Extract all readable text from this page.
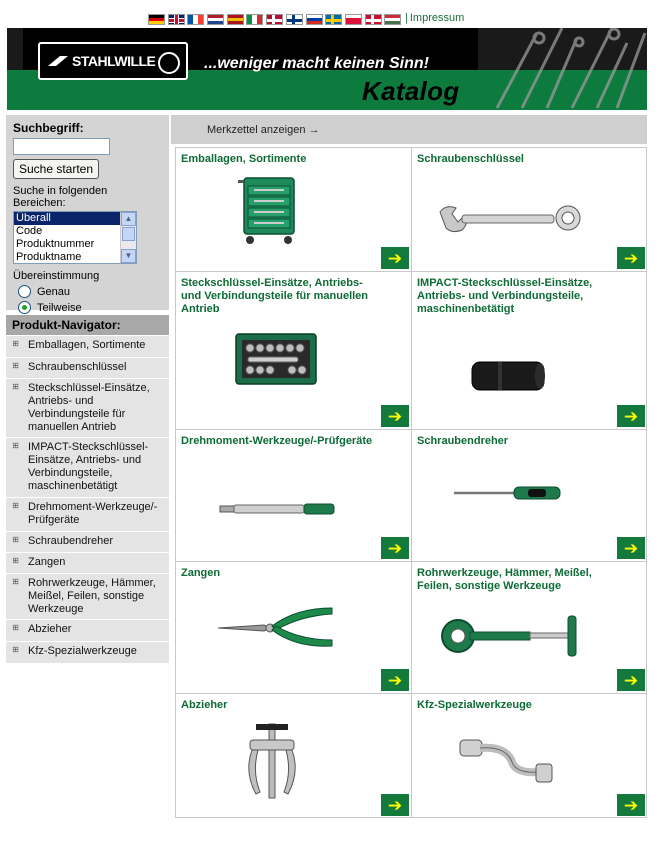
| Impressum
STAHLWILLE	...weniger macht keinen Sinn!
Katalog
Suchbegriff:
Suche starten
Suche in folgenden Bereichen:
Überall
Code
Produktnummer
Produktname
▲
▼
Übereinstimmung
Genau
Teilweise
Produkt-Navigator:
⊞ Emballagen, Sortimente
⊞ Schraubenschlüssel
⊞ Steckschlüssel-Einsätze, Antriebs- und Verbindungsteile für manuellen Antrieb
⊞ IMPACT-Steckschlüssel-Einsätze, Antriebs- und Verbindungsteile, maschinenbetätigt
⊞ Drehmoment-Werkzeuge/-Prüfgeräte
⊞ Schraubendreher
⊞ Zangen
⊞ Rohrwerkzeuge, Hämmer, Meißel, Feilen, sonstige Werkzeuge
⊞ Abzieher
⊞ Kfz-Spezialwerkzeuge
Merkzettel anzeigen →
Emballagen, Sortimente
➔
Schraubenschlüssel
➔
Steckschlüssel-Einsätze, Antriebs- und Verbindungsteile für manuellen Antrieb
➔
IMPACT-Steckschlüssel-Einsätze, Antriebs- und Verbindungsteile, maschinenbetätigt
➔
Drehmoment-Werkzeuge/-Prüfgeräte
➔
Schraubendreher
➔
Zangen
➔
Rohrwerkzeuge, Hämmer, Meißel, Feilen, sonstige Werkzeuge
➔
Abzieher
➔
Kfz-Spezialwerkzeuge
➔
